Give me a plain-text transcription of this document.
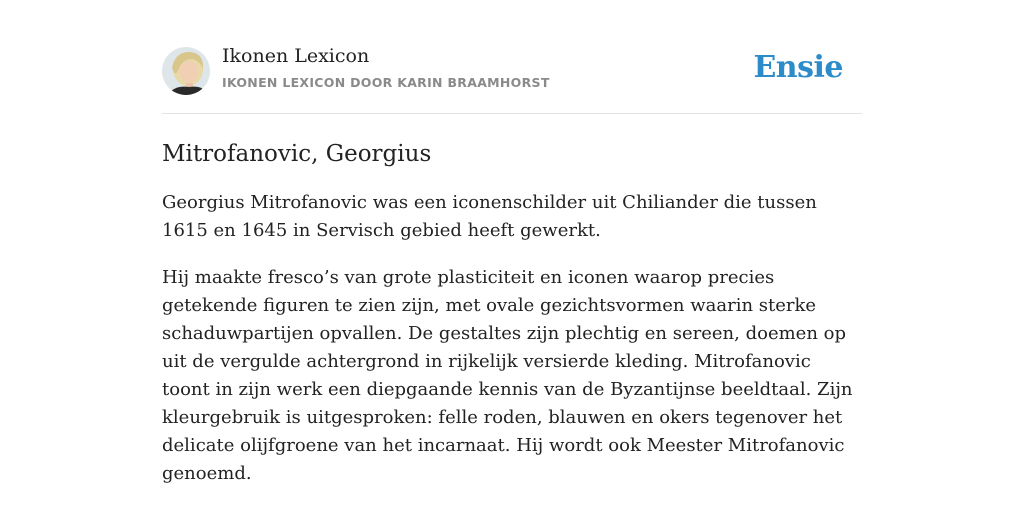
Ikonen Lexicon
IKONEN LEXICON DOOR KARIN BRAAMHORST	Ensie
Mitrofanovic, Georgius

Georgius Mitrofanovic was een iconenschilder uit Chiliander die tussen 1615 en 1645 in Servisch gebied heeft gewerkt.

Hij maakte fresco’s van grote plasticiteit en iconen waarop precies getekende figuren te zien zijn, met ovale gezichtsvormen waarin sterke schaduwpartijen opvallen. De gestaltes zijn plechtig en sereen, doemen op uit de vergulde achtergrond in rijkelijk versierde kleding. Mitrofanovic toont in zijn werk een diepgaande kennis van de Byzantijnse beeldtaal. Zijn kleurgebruik is uitgesproken: felle roden, blauwen en okers tegenover het delicate olijfgroene van het incarnaat. Hij wordt ook Meester Mitrofanovic genoemd.
